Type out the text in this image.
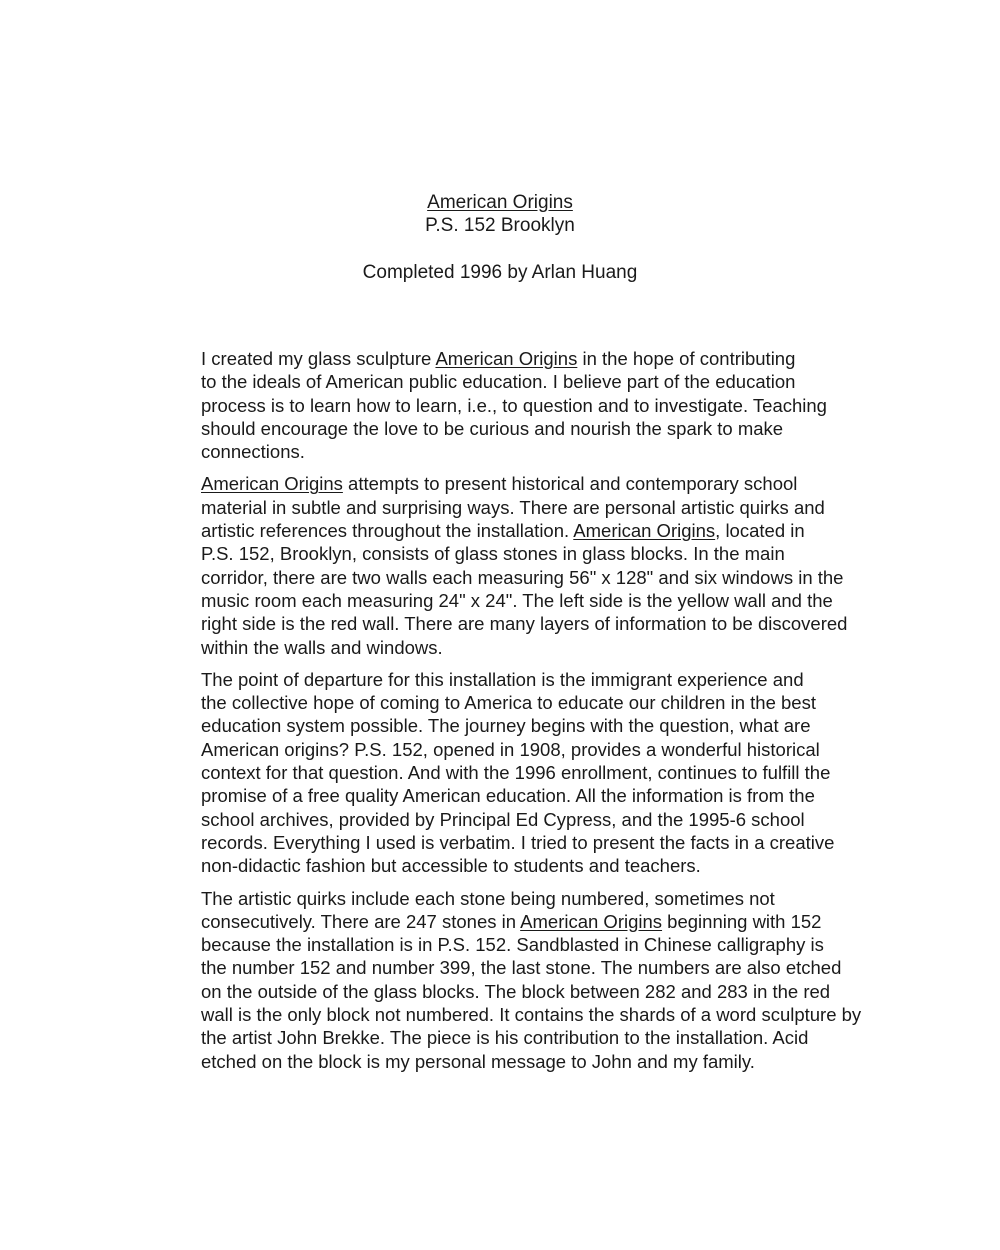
American Origins
P.S. 152 Brooklyn
Completed 1996 by Arlan Huang

I created my glass sculpture American Origins in the hope of contributing
to the ideals of American public education. I believe part of the education
process is to learn how to learn, i.e., to question and to investigate. Teaching
should encourage the love to be curious and nourish the spark to make
connections.

American Origins attempts to present historical and contemporary school
material in subtle and surprising ways. There are personal artistic quirks and
artistic references throughout the installation. American Origins, located in
P.S. 152, Brooklyn, consists of glass stones in glass blocks. In the main
corridor, there are two walls each measuring 56" x 128" and six windows in the
music room each measuring 24" x 24". The left side is the yellow wall and the
right side is the red wall. There are many layers of information to be discovered
within the walls and windows.

The point of departure for this installation is the immigrant experience and
the collective hope of coming to America to educate our children in the best
education system possible. The journey begins with the question, what are
American origins? P.S. 152, opened in 1908, provides a wonderful historical
context for that question. And with the 1996 enrollment, continues to fulfill the
promise of a free quality American education. All the information is from the
school archives, provided by Principal Ed Cypress, and the 1995-6 school
records. Everything I used is verbatim. I tried to present the facts in a creative
non-didactic fashion but accessible to students and teachers.

The artistic quirks include each stone being numbered, sometimes not
consecutively. There are 247 stones in American Origins beginning with 152
because the installation is in P.S. 152. Sandblasted in Chinese calligraphy is
the number 152 and number 399, the last stone. The numbers are also etched
on the outside of the glass blocks. The block between 282 and 283 in the red
wall is the only block not numbered. It contains the shards of a word sculpture by
the artist John Brekke. The piece is his contribution to the installation. Acid
etched on the block is my personal message to John and my family.
